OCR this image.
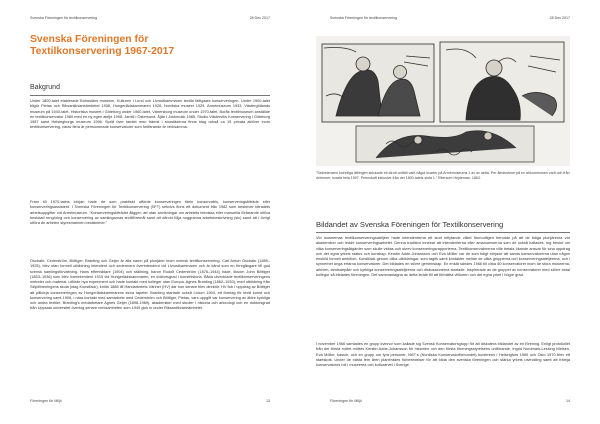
Svenska Föreningen för textilkonservering	28 Dec 2017
Svenska Föreningen för
Textilkonservering 1967-2017
Bakgrund

Under 1800-talet etablerade Bohusläns museum, Kulturen i Lund och Livrustkammaren textila fältigaste konserveringen. Under 1900-talet tillgör Pietas och Riksantikvarieämbetet 1908, Hungerlädskammaren 1926, Nordiska museet 1929, Armémuseum 1933, Västergötlands museum på 1940-talet, Historiska museet i Göteborg under 1960-talet, Vänersborg museum under 1970-talet. Borås textilmuseum anställde en textilkonservator 1980 med en ny egen ateljé 1998, Jamtli i Östersund, Åjtte i Jokkmokk 1985, Studio Västerviks Konservering i Göteborg 1987 samt Helsingborgs museum 1996. Spritt över landet men främst i storstäderna finns idag också ca 15 privata aktörer inom textilkonservering, varav flera är pensionerade konservatorer som fortfarande är verksamma.

Fram till 1970-talets början hade de som praktiskt utförde konserveringen titeln konservatris, konserveringsbiträde eller konserveringsassistent. I Svenska Föreningen för Textilkonservering (SFT) sekvivs finns ett dokument från 1982 som beskriver bitradets arbetsuppgifter vid Armémuseum. "Konserveringsbiträdet åligger: att utan anvisningar om arbetets tekniska eller manuella förfarande utföra beslutad rengöring och konservering av samlingarnas textilföremål samt att därvid följa noggranna arbetsbeskrivning (sic) samt att i övrigt utföra de arbeten styresmannen bestämmer."

Oscbahr, Cederström, Böttiger, Branting och Geijer är alla namn på pionjärer inom svensk textilkonservering. Carl Anton Oscbahr (1859–1925), blev utan formell utbildning intendent och sedermera överintendent vid Livrustkammaren och är känd som en föregångare till god svensk samlingsförvaltning. Hans efterträdare (1904) och ställning, baron Rudolf Cederström (1876–1944) hade, liksom John Böttiger (1853–1936) som blev överintendent 1915 vid Hungerlädskammaren, en doktorsgrad i konsthistoria. Båda utvecklade textilkonserveringens metoder och material, utförde nya experiment och hade kontakt med kolleger utan Europa. Agnes Branting (1862–1930), med utbildning från Slöjdföreningens skola (idag Konstfack), knöts 1885 till Handarbetets Vänner (HV) där hon senare blev direktör. HV fick i uppdrag av Böttiger att påbörja konserveringen av Hungerlädskammarens stora tapeter. Branting startade också Licium 1904, ett företag för textil konst och konservering samt 1908, i nära kontakt med samarbete med Cederström och Böttiger, Pietas, vars uppgift var konservering av äldre kyrkliga och andra textiler. Branting's medarbetare Agnes Geijer (1898-1989), akademiker med studier i historia och arkeologi och en doktorsgrad från Uppsala universitet övertog senare verksamheten som 1949 gick in under Riksantikvarieämbetet.

Föreningen för Miljö	13
Svenska Föreningen för textilkonservering	28 Dec 2017
Föreningen för Miljö	14

"Sekreteraren kvinnliga ättlingen skickade ett idrott ordfält varit något kvarter på Armémuseums 1 av av detta. Per åtminstone på en ahkommunen varit och från drömmer, svarta hela 1907. Pennskaft inklusive från det 1800-talets sista 1." Eftersom Hejdeman, 1863.

Bildandet av Svenska Föreningen för Textilkonservering

Vid museernas textilkonserveringsateljéer hade intendenterna ett stort inflytande vilket förmodligen berodde på att de tidiga pionjärerna var akademiker och ledde konserveringsarbetet. Denna tradition innebar att intendenterna eller amanuenserna som de också kallades, tog beslut om vilka konserveringsåtgärder som skulle vidtas och skrev konserveringsrapporterna. Textilkonservatorerna ville betala ökande ansvar för sina uppdrag och det egna yrkets status och kunskap. Kerstin Adde-Johansson och Eva Möller var de som tidigt började att samla konservatorerna utan någon enskild formell ambition. Konstfack genom olika utbildningar, som tagits samt kontakter mellan de olika grupperna och konserveringsateljéerna, och i synnerhet unga erfarna konservatorer. Det bildades en större gemenskap. En enkät sändes 1966 till cirka 60 konservatorer inom de stora museerna, arkiven, landsdepåer och kyrkliga konserveringsateljéerna och diskussionerna startade. Inspirerade av de grupper av konservatorer med större antal kollegor så bildades föreningen. Det sammantagna av detta ledde till att förbättra villkoren och det egna yrket i högre grad.

I november 1966 samlades en grupp kvinnor som kallade sig Svensk Konservatorsgrupp för att diskutera bildandet av en förening. Enligt protokollet från det första mötet möttes Kerstin Adde-Johansson för historien och den första föreningsstyrelsens ordförande, Ingrid Nordmark-Lessing Nielsen, Eva Möller, kassör, och en grupp om fyra personer, NKF:s (Nordiska Konservatorförbundet) konferens i Helsingfors 1969 och Oslo 1970 blev ett startskott. Under de nästa fem åren planerades förberedelser för att bilda den svenska föreningen och stärka yrkets utveckling samt att främja konservatorns roll i museerna och kulturarvet i Sverige.
